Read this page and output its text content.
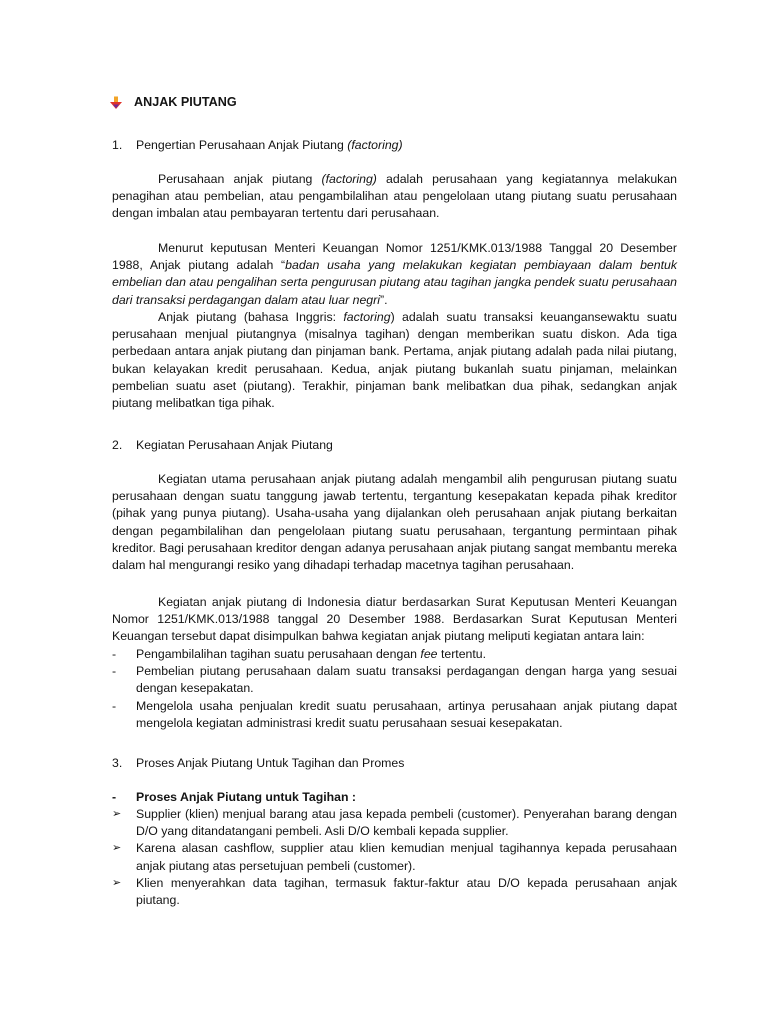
ANJAK PIUTANG
1. Pengertian Perusahaan Anjak Piutang (factoring)

Perusahaan anjak piutang (factoring) adalah perusahaan yang kegiatannya melakukan penagihan atau pembelian, atau pengambilalihan atau pengelolaan utang piutang suatu perusahaan dengan imbalan atau pembayaran tertentu dari perusahaan.

Menurut keputusan Menteri Keuangan Nomor 1251/KMK.013/1988 Tanggal 20 Desember 1988, Anjak piutang adalah “badan usaha yang melakukan kegiatan pembiayaan dalam bentuk embelian dan atau pengalihan serta pengurusan piutang atau tagihan jangka pendek suatu perusahaan dari transaksi perdagangan dalam atau luar negri”.

Anjak piutang (bahasa Inggris: factoring) adalah suatu transaksi keuangansewaktu suatu perusahaan menjual piutangnya (misalnya tagihan) dengan memberikan suatu diskon. Ada tiga perbedaan antara anjak piutang dan pinjaman bank. Pertama, anjak piutang adalah pada nilai piutang, bukan kelayakan kredit perusahaan. Kedua, anjak piutang bukanlah suatu pinjaman, melainkan pembelian suatu aset (piutang). Terakhir, pinjaman bank melibatkan dua pihak, sedangkan anjak piutang melibatkan tiga pihak.

2. Kegiatan Perusahaan Anjak Piutang

Kegiatan utama perusahaan anjak piutang adalah mengambil alih pengurusan piutang suatu perusahaan dengan suatu tanggung jawab tertentu, tergantung kesepakatan kepada pihak kreditor (pihak yang punya piutang). Usaha-usaha yang dijalankan oleh perusahaan anjak piutang berkaitan dengan pegambilalihan dan pengelolaan piutang suatu perusahaan, tergantung permintaan pihak kreditor. Bagi perusahaan kreditor dengan adanya perusahaan anjak piutang sangat membantu mereka dalam hal mengurangi resiko yang dihadapi terhadap macetnya tagihan perusahaan.

Kegiatan anjak piutang di Indonesia diatur berdasarkan Surat Keputusan Menteri Keuangan Nomor 1251/KMK.013/1988 tanggal 20 Desember 1988. Berdasarkan Surat Keputusan Menteri Keuangan tersebut dapat disimpulkan bahwa kegiatan anjak piutang meliputi kegiatan antara lain:

- Pengambilalihan tagihan suatu perusahaan dengan fee tertentu.
- Pembelian piutang perusahaan dalam suatu transaksi perdagangan dengan harga yang sesuai dengan kesepakatan.
- Mengelola usaha penjualan kredit suatu perusahaan, artinya perusahaan anjak piutang dapat mengelola kegiatan administrasi kredit suatu perusahaan sesuai kesepakatan.
3. Proses Anjak Piutang Untuk Tagihan dan Promes
- Proses Anjak Piutang untuk Tagihan :
➢ Supplier (klien) menjual barang atau jasa kepada pembeli (customer). Penyerahan barang dengan D/O yang ditandatangani pembeli. Asli D/O kembali kepada supplier.
➢ Karena alasan cashflow, supplier atau klien kemudian menjual tagihannya kepada perusahaan anjak piutang atas persetujuan pembeli (customer).
➢ Klien menyerahkan data tagihan, termasuk faktur-faktur atau D/O kepada perusahaan anjak piutang.
